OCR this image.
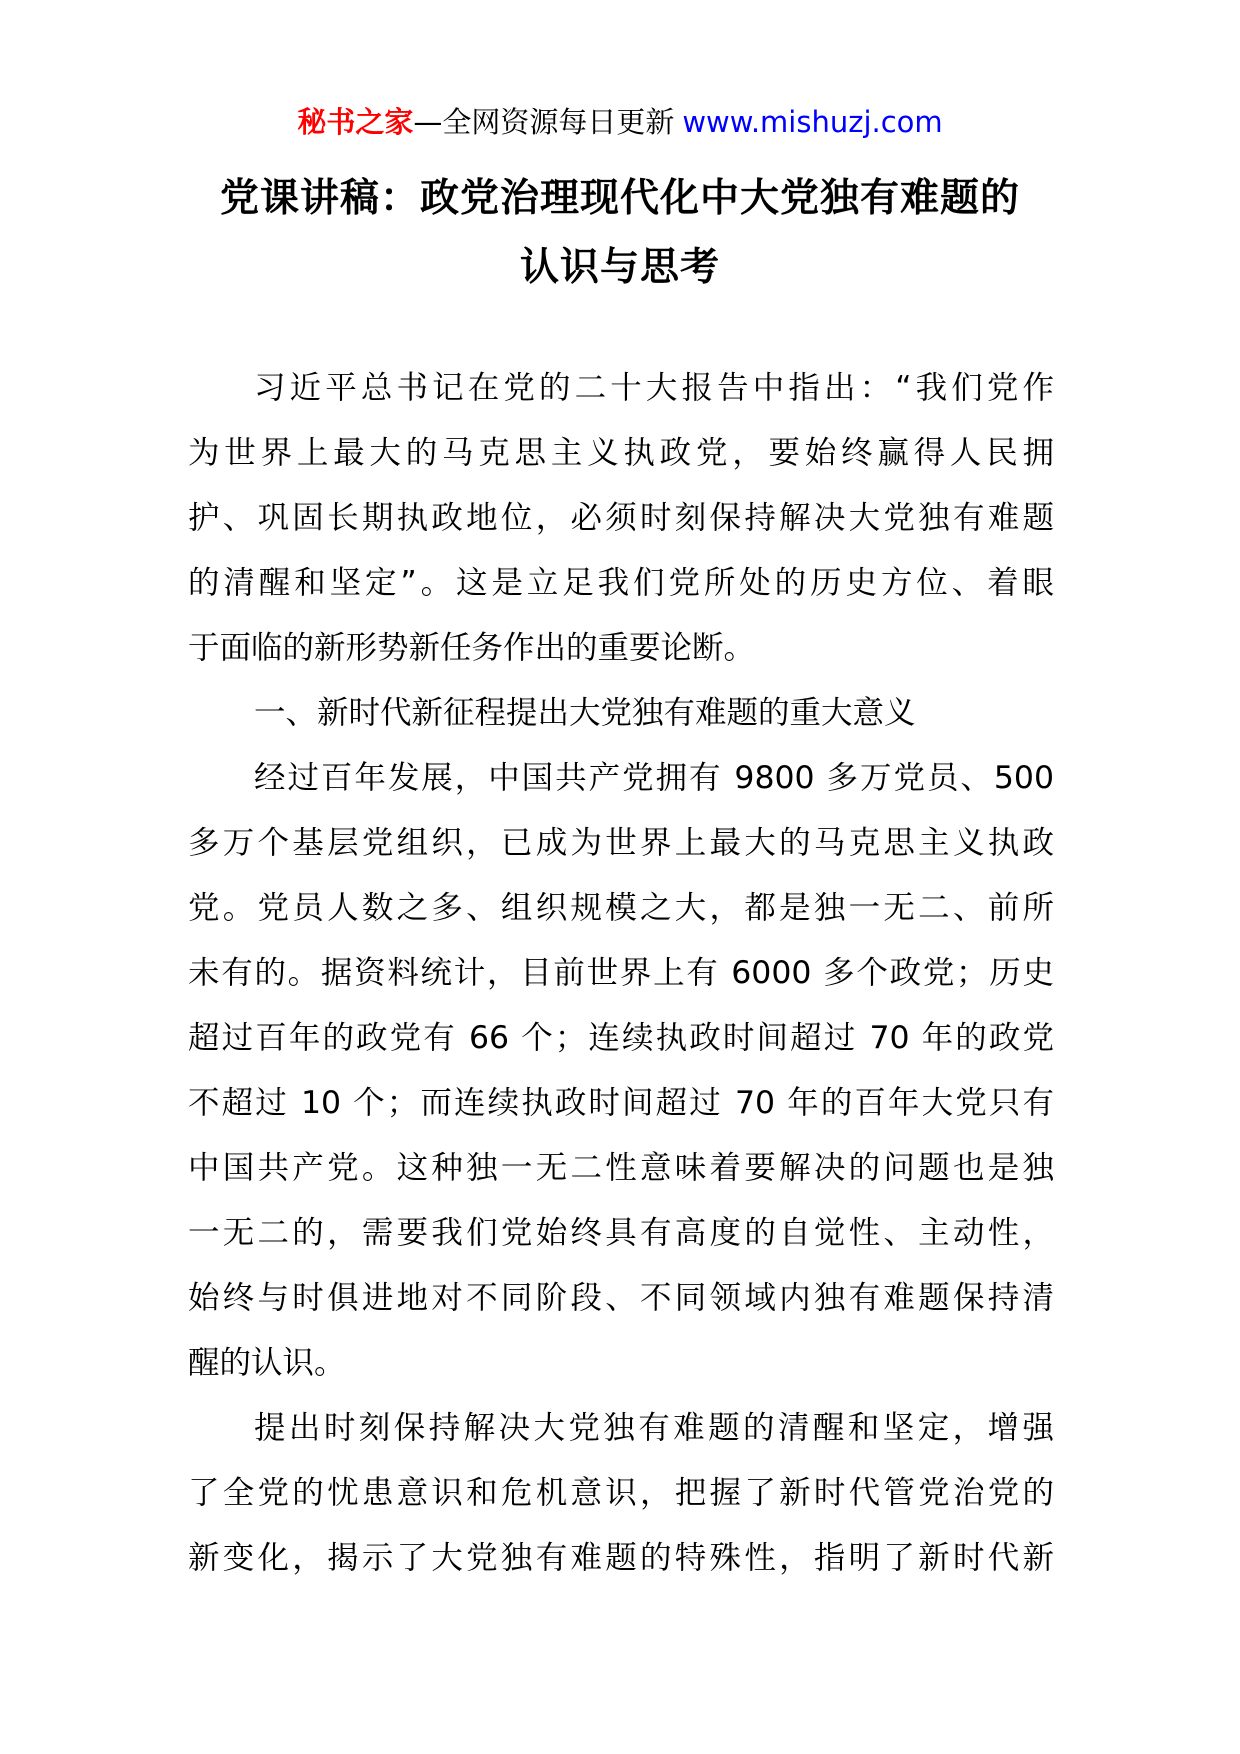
秘书之家—全网资源每日更新 www.mishuzj.com
党课讲稿：政党治理现代化中大党独有难题的
认识与思考
习近平总书记在党的二十大报告中指出：“我们党作
为世界上最大的马克思主义执政党，要始终赢得人民拥
护、巩固长期执政地位，必须时刻保持解决大党独有难题
的清醒和坚定”。这是立足我们党所处的历史方位、着眼
于面临的新形势新任务作出的重要论断。
一、新时代新征程提出大党独有难题的重大意义
经过百年发展，中国共产党拥有 9800 多万党员、500
多万个基层党组织，已成为世界上最大的马克思主义执政
党。党员人数之多、组织规模之大，都是独一无二、前所
未有的。据资料统计，目前世界上有 6000 多个政党；历史
超过百年的政党有 66 个；连续执政时间超过 70 年的政党
不超过 10 个；而连续执政时间超过 70 年的百年大党只有
中国共产党。这种独一无二性意味着要解决的问题也是独
一无二的，需要我们党始终具有高度的自觉性、主动性，
始终与时俱进地对不同阶段、不同领域内独有难题保持清
醒的认识。
提出时刻保持解决大党独有难题的清醒和坚定，增强
了全党的忧患意识和危机意识，把握了新时代管党治党的
新变化，揭示了大党独有难题的特殊性，指明了新时代新
